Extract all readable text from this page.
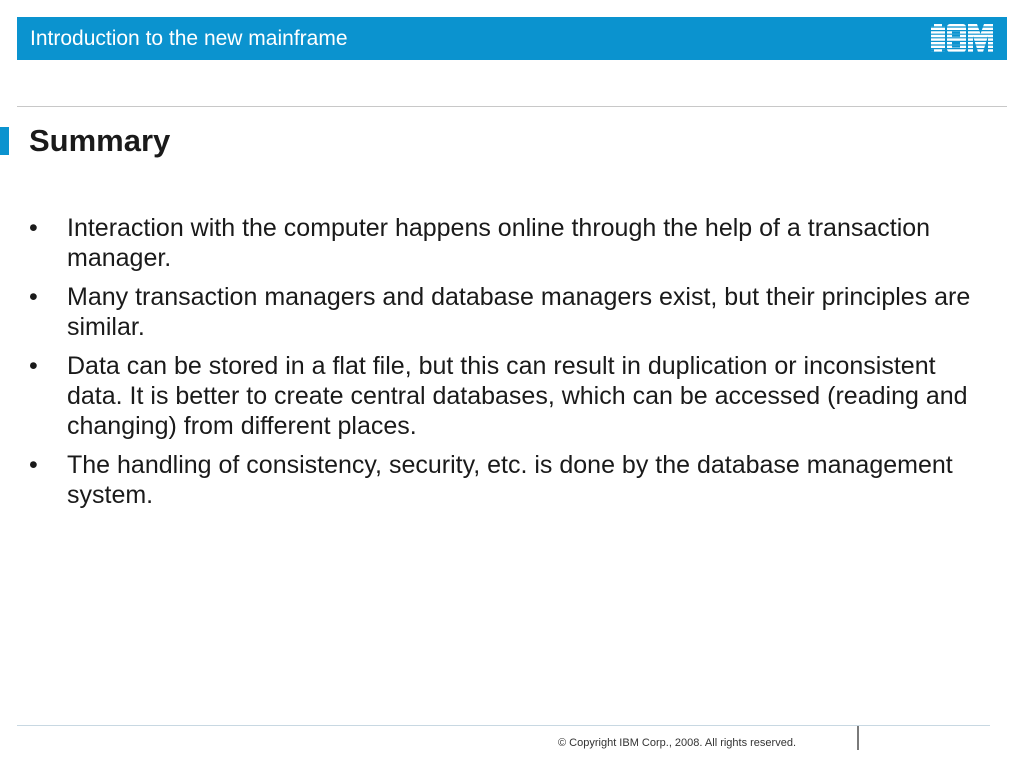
Introduction to the new mainframe
Summary
•	Interaction with the computer happens online through the help of a transaction manager.
•	Many transaction managers and database managers exist, but their principles are similar.
•	Data can be stored in a flat file, but this can result in duplication or inconsistent data. It is better to create central databases, which can be accessed (reading and changing) from different places.
•	The handling of consistency, security, etc. is done by the database management system.
© Copyright IBM Corp., 2008. All rights reserved.
